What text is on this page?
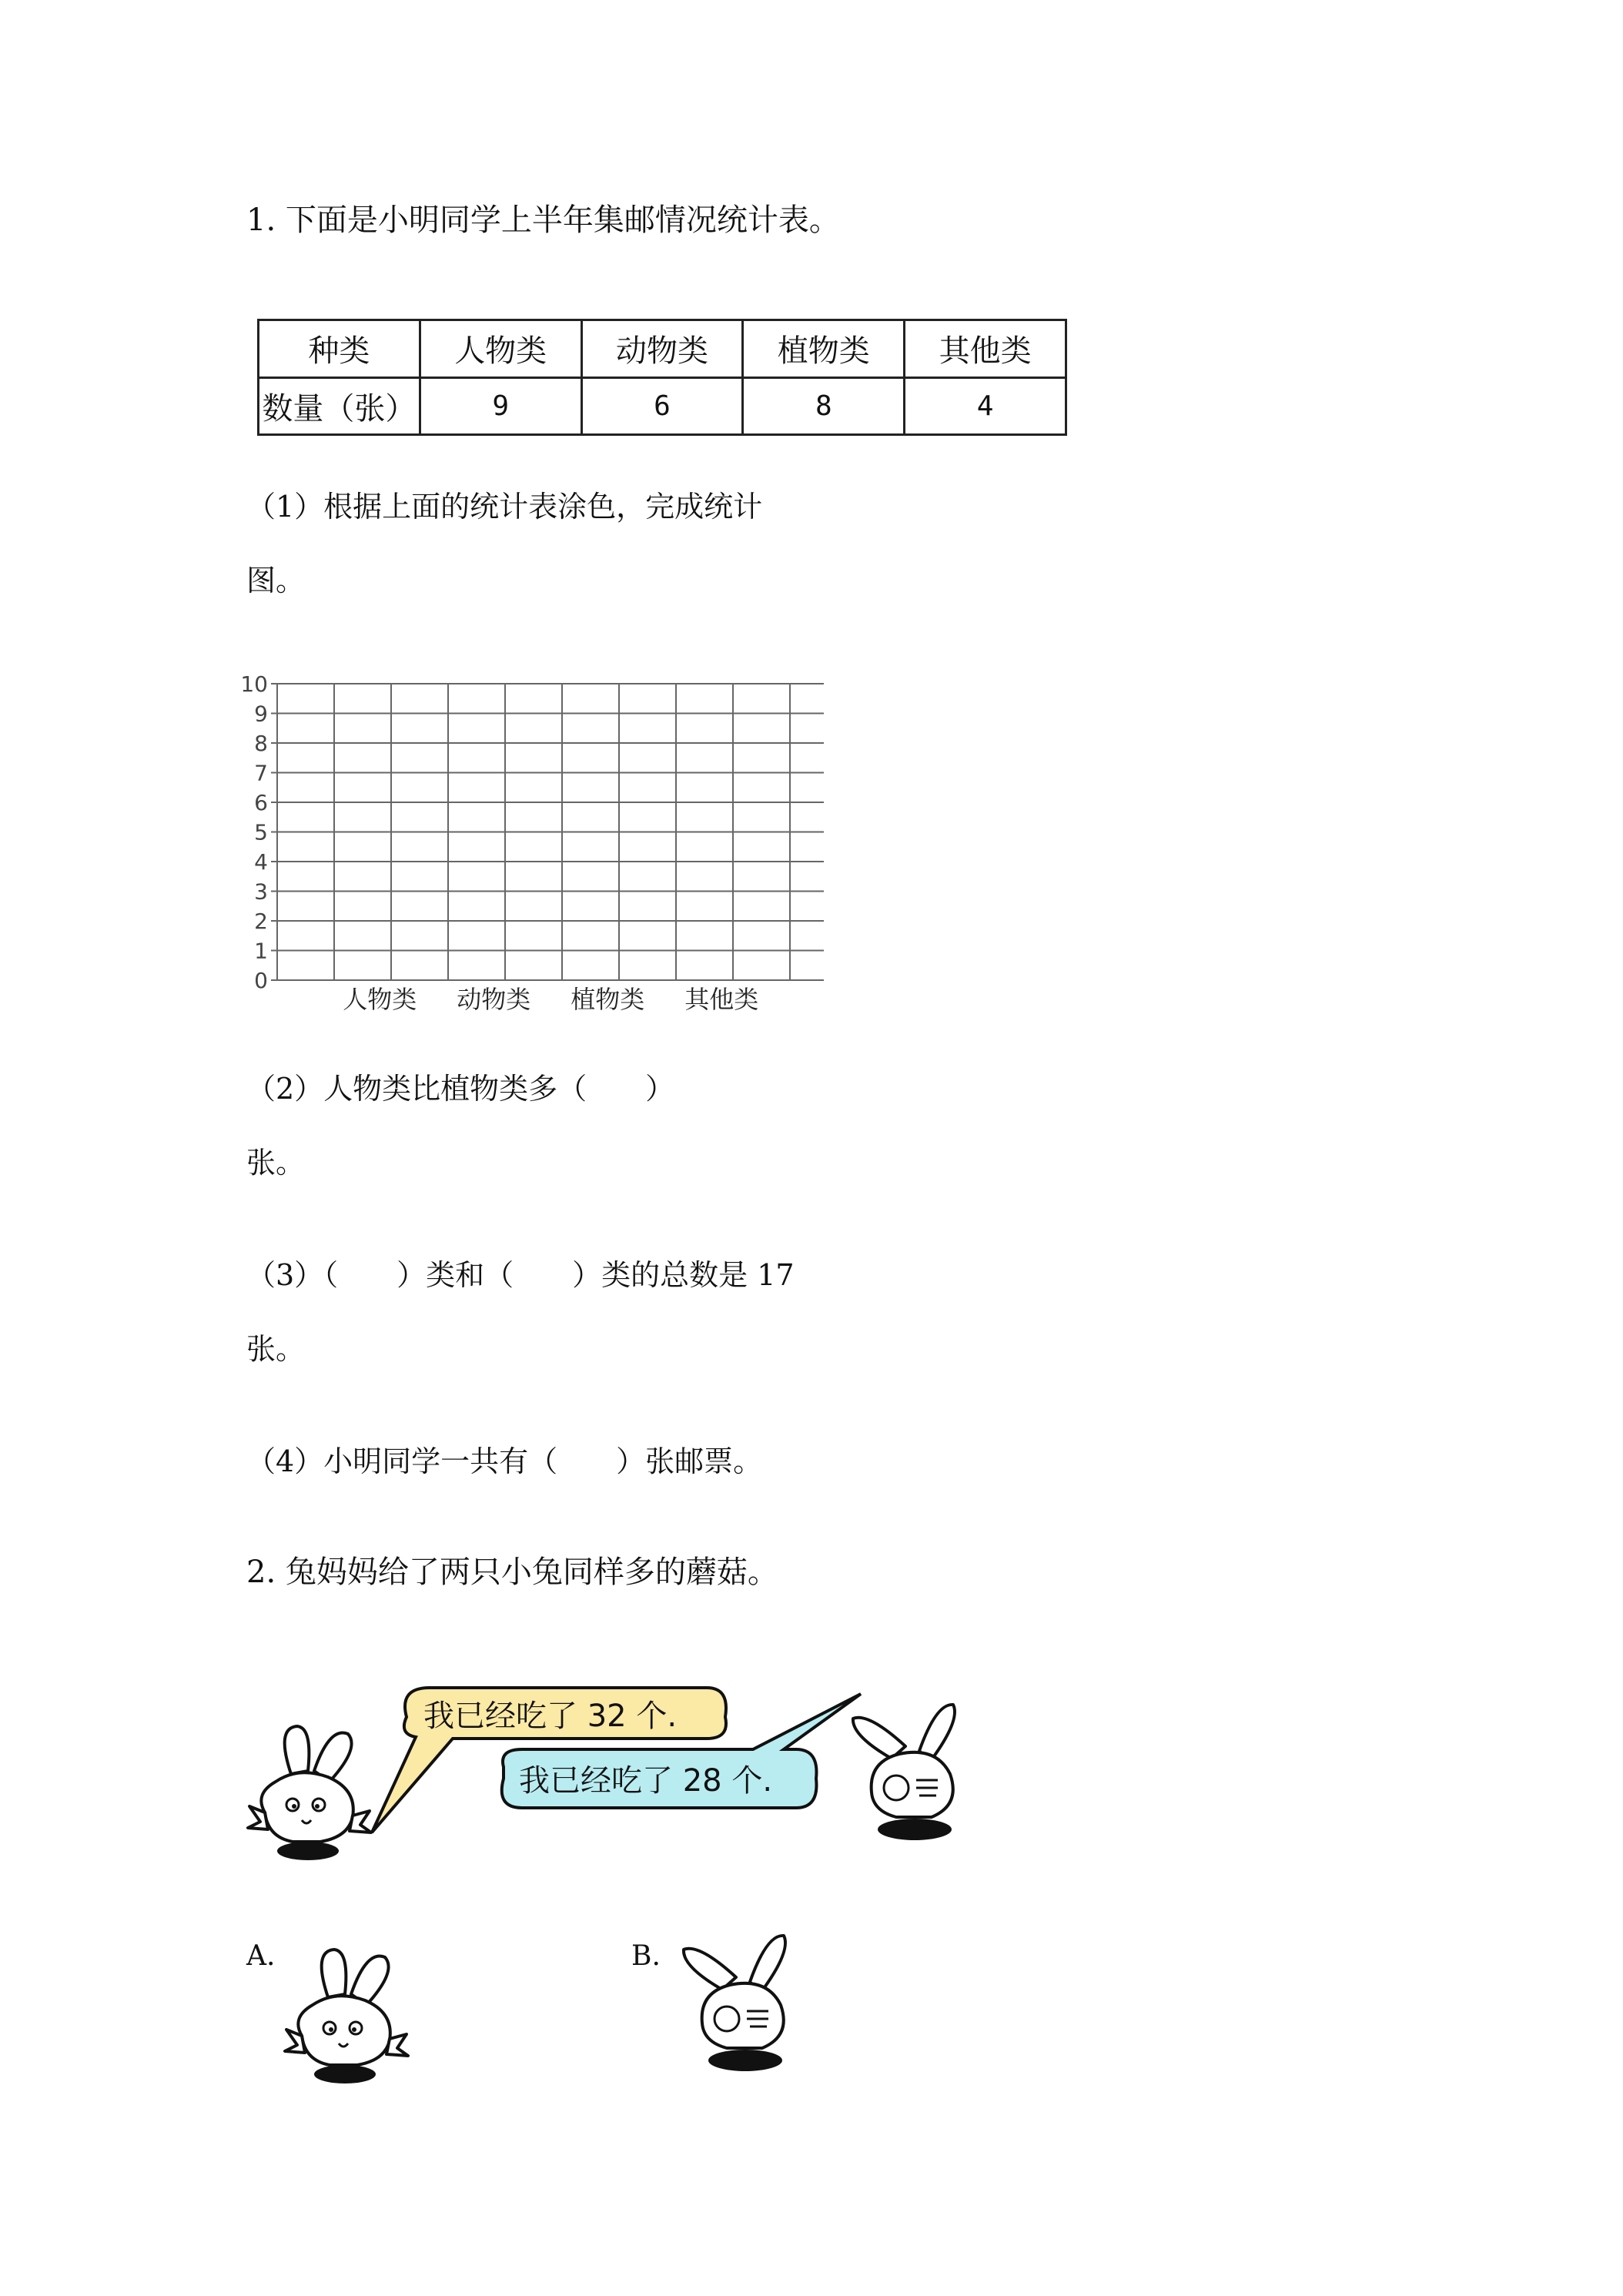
1. 下面是小明同学上半年集邮情况统计表。
种类	人物类	动物类	植物类	其他类
数量（张）	9	6	8	4
（1）根据上面的统计表涂色，完成统计
图。
0
1
2
3
4
5
6
7
8
9
10
人物类 动物类 植物类 其他类
（2）人物类比植物类多（　　）
张。
（3）（　　）类和（　　）类的总数是 17
张。
（4）小明同学一共有（　　）张邮票。
2. 兔妈妈给了两只小兔同样多的蘑菇。
我已经吃了 32 个.
我已经吃了 28 个.
A.	B.
